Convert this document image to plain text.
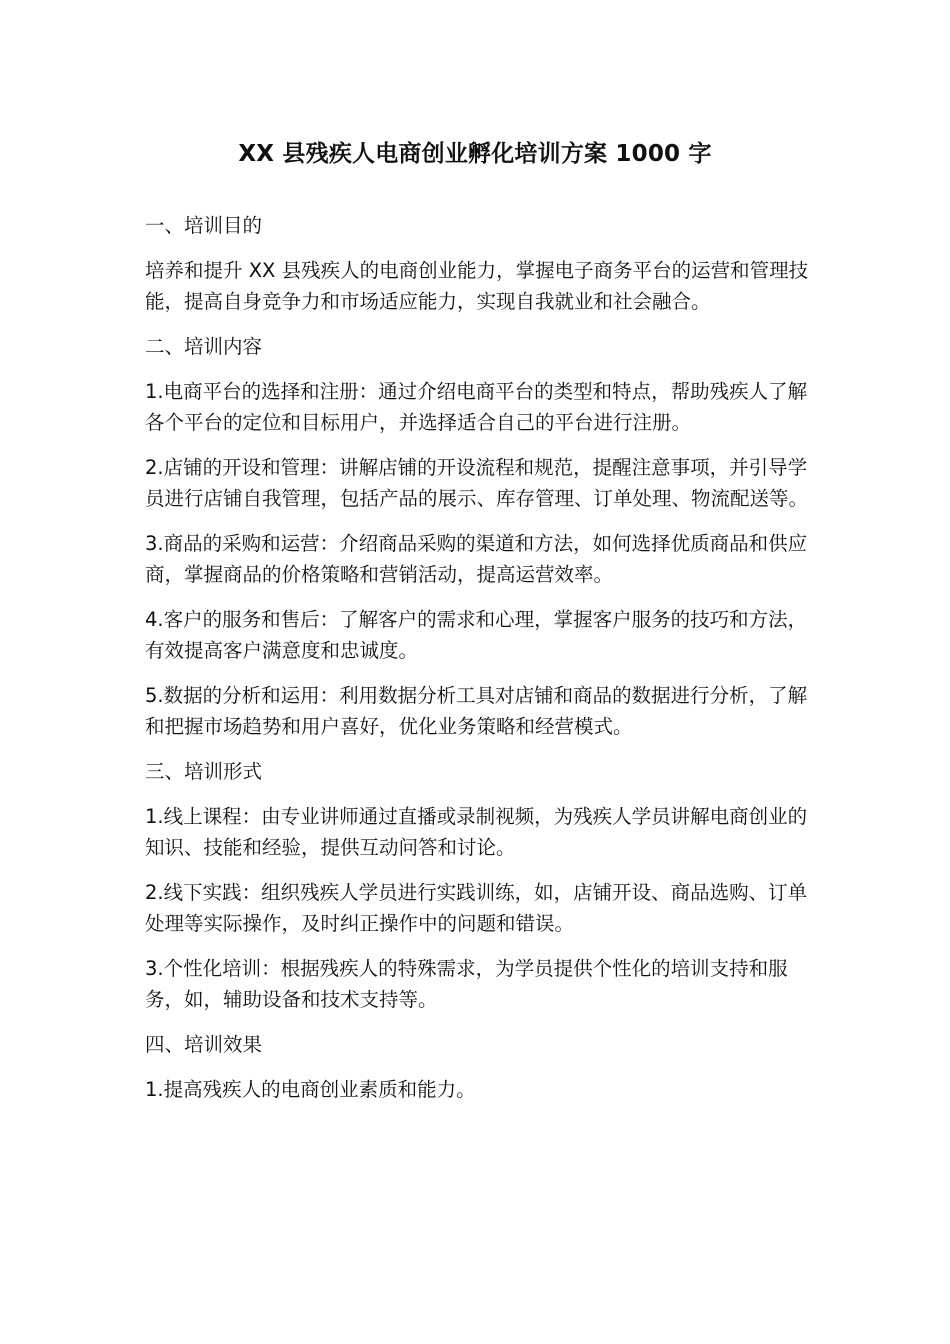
XX 县残疾人电商创业孵化培训方案 1000 字

一、培训目的

培养和提升 XX 县残疾人的电商创业能力，掌握电子商务平台的运营和管理技能，提高自身竞争力和市场适应能力，实现自我就业和社会融合。

二、培训内容

1.电商平台的选择和注册：通过介绍电商平台的类型和特点，帮助残疾人了解各个平台的定位和目标用户，并选择适合自己的平台进行注册。

2.店铺的开设和管理：讲解店铺的开设流程和规范，提醒注意事项，并引导学员进行店铺自我管理，包括产品的展示、库存管理、订单处理、物流配送等。

3.商品的采购和运营：介绍商品采购的渠道和方法，如何选择优质商品和供应商，掌握商品的价格策略和营销活动，提高运营效率。

4.客户的服务和售后：了解客户的需求和心理，掌握客户服务的技巧和方法，有效提高客户满意度和忠诚度。

5.数据的分析和运用：利用数据分析工具对店铺和商品的数据进行分析，了解和把握市场趋势和用户喜好，优化业务策略和经营模式。

三、培训形式

1.线上课程：由专业讲师通过直播或录制视频，为残疾人学员讲解电商创业的知识、技能和经验，提供互动问答和讨论。

2.线下实践：组织残疾人学员进行实践训练，如，店铺开设、商品选购、订单处理等实际操作，及时纠正操作中的问题和错误。

3.个性化培训：根据残疾人的特殊需求，为学员提供个性化的培训支持和服务，如，辅助设备和技术支持等。

四、培训效果

1.提高残疾人的电商创业素质和能力。
